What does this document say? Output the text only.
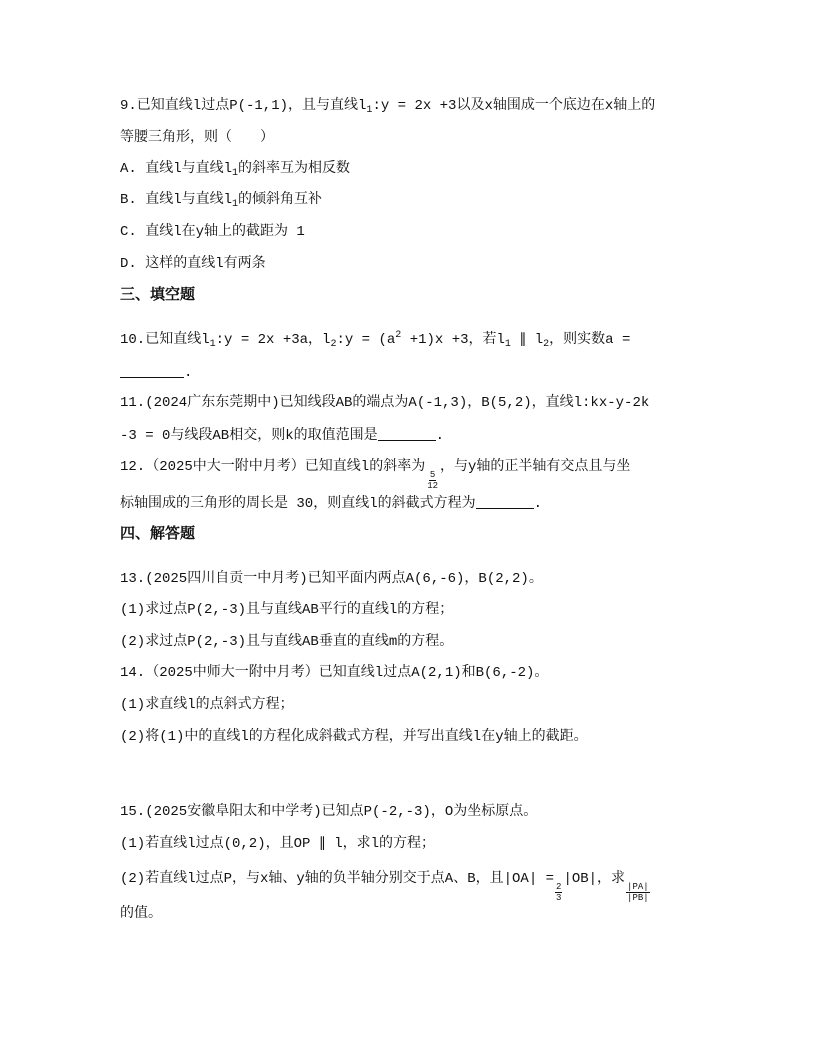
9.已知直线l过点P(-1,1)，且与直线$l_1:y = 2x +3$以及x轴围成一个底边在x轴上的
等腰三角形，则（　　）
A. 直线l与直线$l_1$的斜率互为相反数
B. 直线l与直线$l_1$的倾斜角互补
C. 直线l在y轴上的截距为 1
D. 这样的直线l有两条
三、填空题
10.已知直线$l_1:y = 2x +3a$，$l_2:y = (a^2 +1)x +3$，若$l_1$ ∥ $l_2$，则实数a =
.
11.(2024广东东莞期中)已知线段AB的端点为A(-1,3)，B(5,2)，直线l:kx-y-2k
-3 = 0与线段AB相交，则k的取值范围是	.
12.（2025中大一附中月考）已知直线l的斜率为
$\frac{5}{12}$
，与y轴的正半轴有交点且与坐
标轴围成的三角形的周长是 30，则直线l的斜截式方程为	.
四、解答题
13.(2025四川自贡一中月考)已知平面内两点A(6,-6)，B(2,2)。
(1)求过点P(2,-3)且与直线AB平行的直线l的方程；
(2)求过点P(2,-3)且与直线AB垂直的直线m的方程。
14.（2025中师大一附中月考）已知直线l过点A(2,1)和B(6,-2)。
(1)求直线l的点斜式方程；
(2)将(1)中的直线l的方程化成斜截式方程，并写出直线l在y轴上的截距。
15.(2025安徽阜阳太和中学考)已知点P(-2,-3)，O为坐标原点。
(1)若直线l过点(0,2)，且OP ∥ l，求l的方程；
(2)若直线l过点P，与x轴、y轴的负半轴分别交于点A、B，且|OA| =
$\frac{2}{3}$
|OB|，求
$\frac{|PA|}{|PB|}$
的值。
